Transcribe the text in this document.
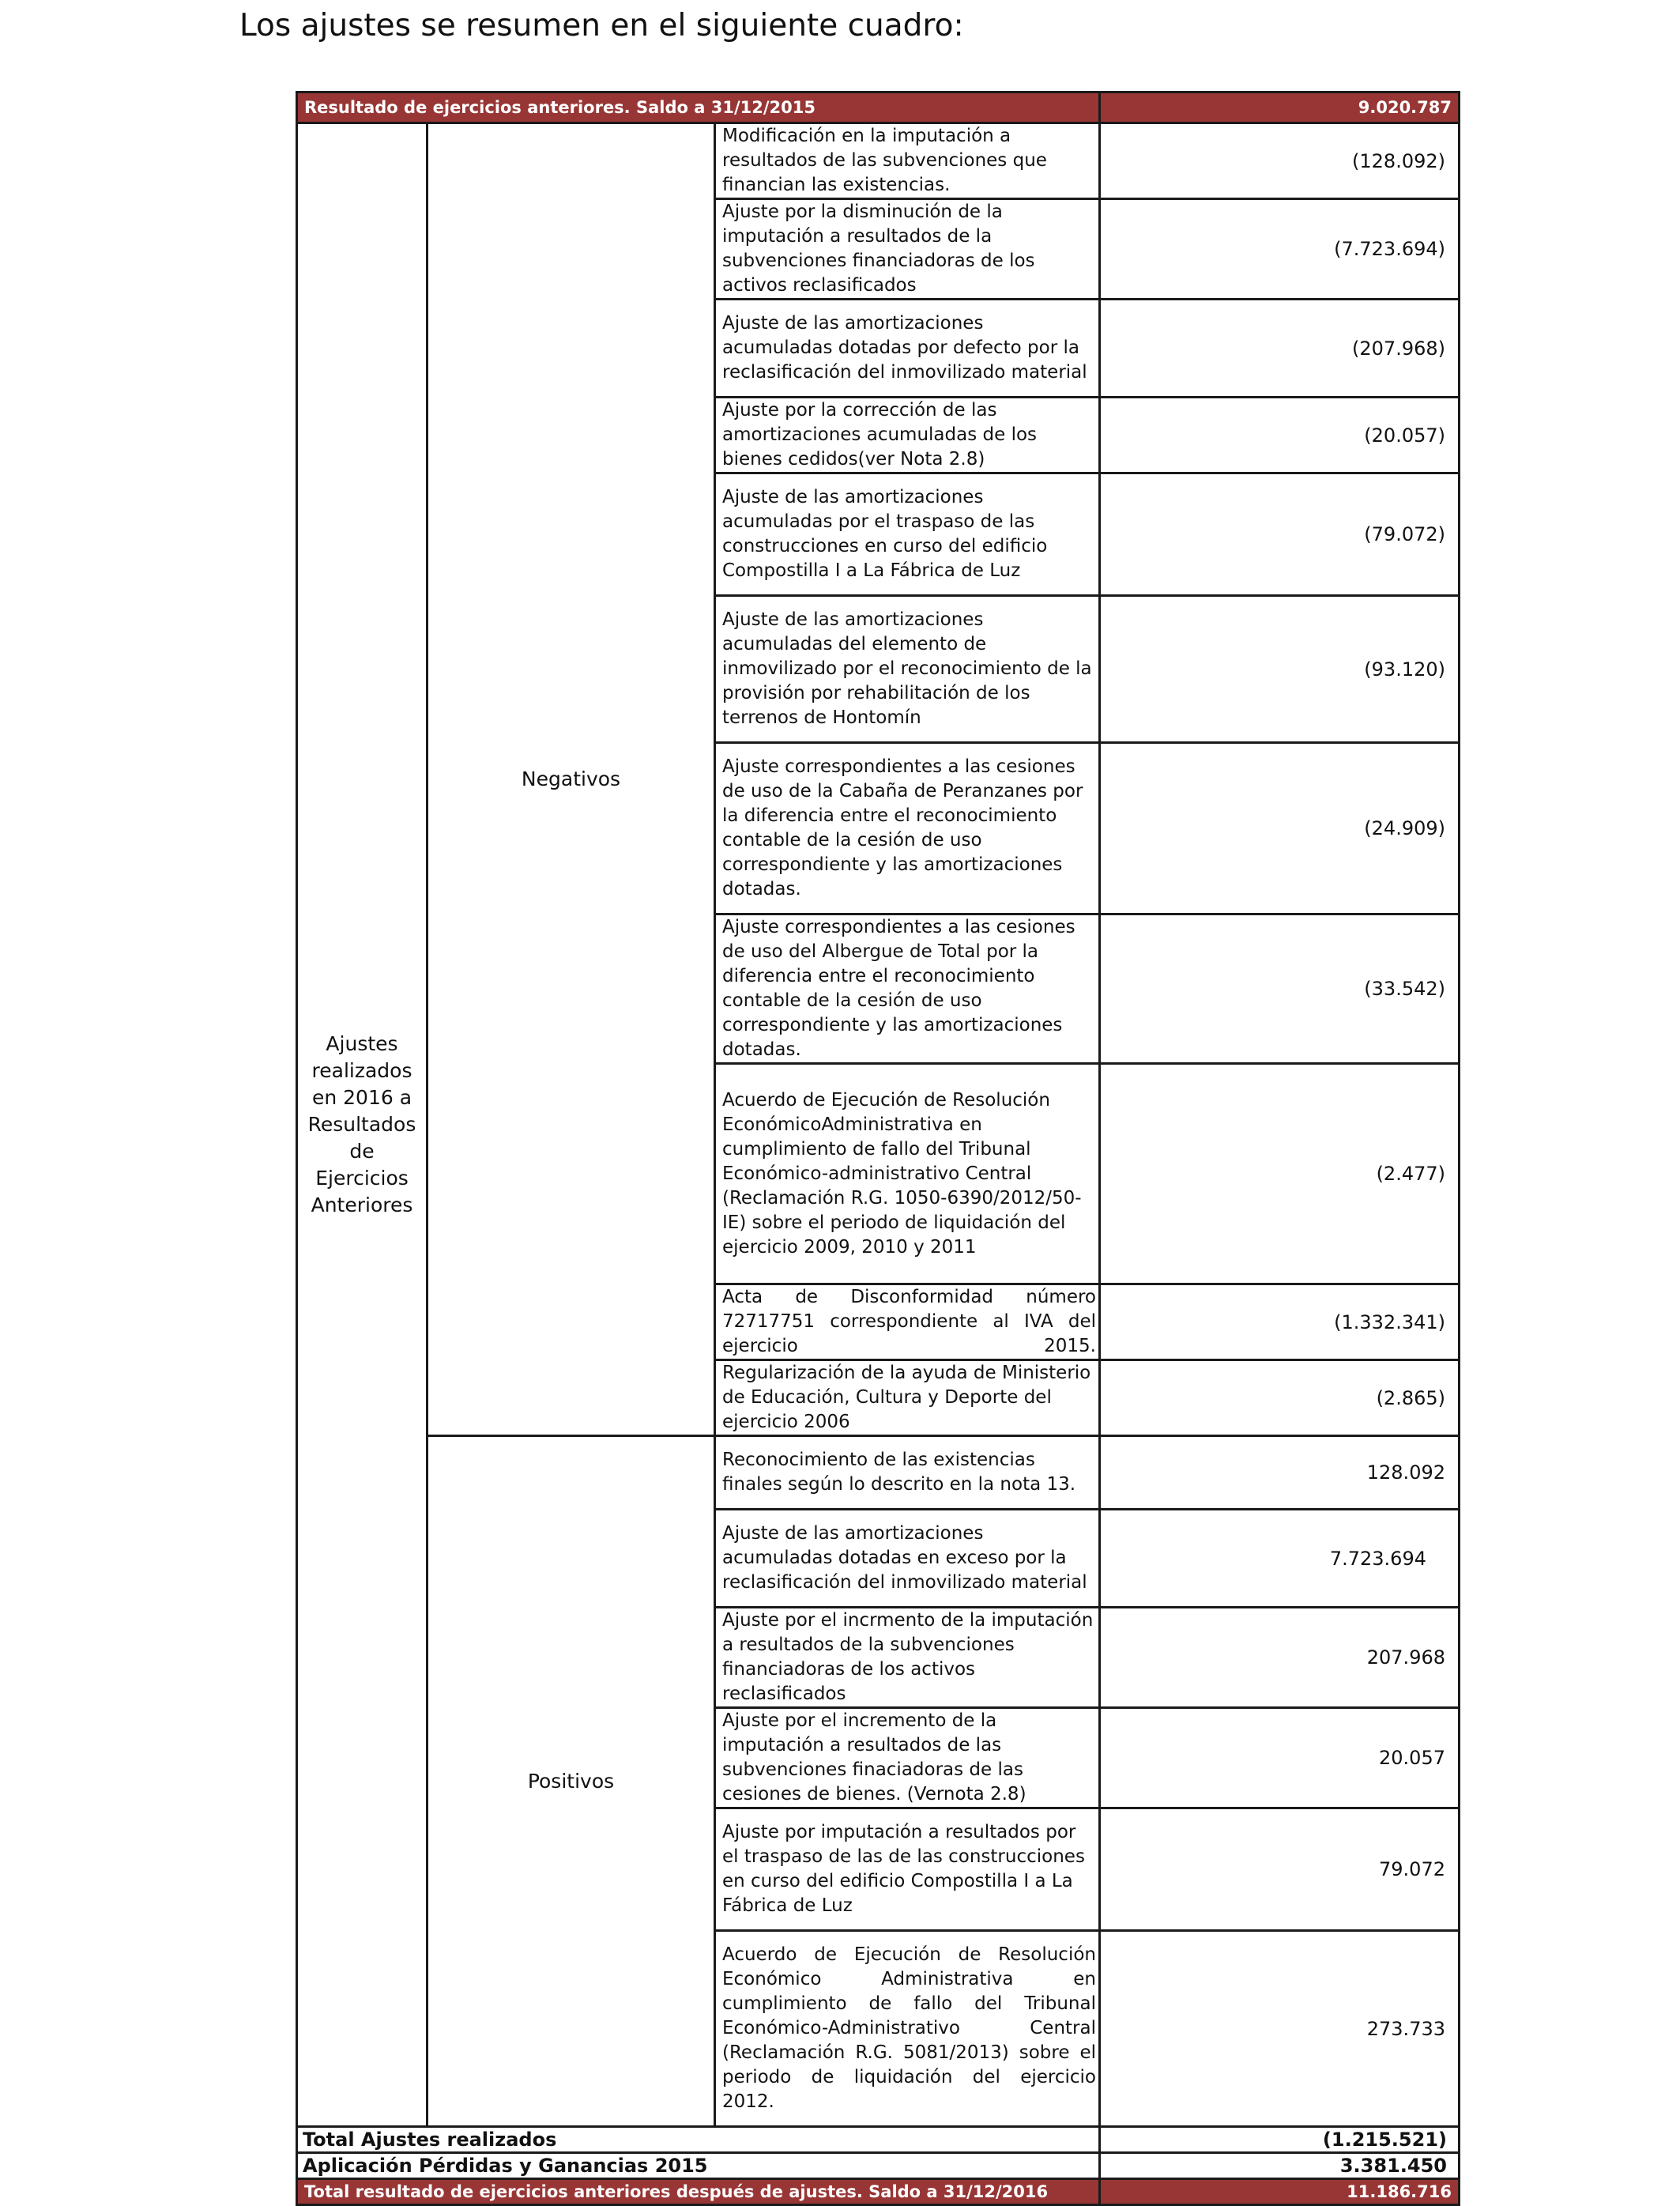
Los ajustes se resumen en el siguiente cuadro:
Resultado de ejercicios anteriores. Saldo a 31/12/2015			9.020.787
Ajustes realizados en 2016 a Resultados de Ejercicios Anteriores	Negativos	Modificación en la imputación a resultados de las subvenciones que financian las existencias.	(128.092)
		Ajuste por la disminución de la imputación a resultados de la subvenciones financiadoras de los activos reclasificados	(7.723.694)
		Ajuste de las amortizaciones acumuladas dotadas por defecto por la reclasificación del inmovilizado material	(207.968)
		Ajuste por la corrección de las amortizaciones acumuladas de los bienes cedidos(ver Nota 2.8)	(20.057)
		Ajuste de las amortizaciones acumuladas por el traspaso de las construcciones en curso del edificio Compostilla I a La Fábrica de Luz	(79.072)
		Ajuste de las amortizaciones acumuladas del elemento de inmovilizado por el reconocimiento de la provisión por rehabilitación de los terrenos de Hontomín	(93.120)
		Ajuste correspondientes a las cesiones de uso de la Cabaña de Peranzanes por la diferencia entre el reconocimiento contable de la cesión de uso correspondiente y las amortizaciones dotadas.	(24.909)
		Ajuste correspondientes a las cesiones de uso del Albergue de Total por la diferencia entre el reconocimiento contable de la cesión de uso correspondiente y las amortizaciones dotadas.	(33.542)
		Acuerdo de Ejecución de Resolución EconómicoAdministrativa en cumplimiento de fallo del Tribunal Económico-administrativo Central (Reclamación R.G. 1050-6390/2012/50-IE) sobre el periodo de liquidación del ejercicio 2009, 2010 y 2011	(2.477)
		Acta de Disconformidad número 72717751 correspondiente al IVA del ejercicio 2015.	(1.332.341)
		Regularización de la ayuda de Ministerio de Educación, Cultura y Deporte del ejercicio 2006	(2.865)
	Positivos	Reconocimiento de las existencias finales según lo descrito en la nota 13.	128.092
		Ajuste de las amortizaciones acumuladas dotadas en exceso por la reclasificación del inmovilizado material	7.723.694
		Ajuste por el incrmento de la imputación a resultados de la subvenciones financiadoras de los activos reclasificados	207.968
		Ajuste por el incremento de la imputación a resultados de las subvenciones finaciadoras de las cesiones de bienes. (Vernota 2.8)	20.057
		Ajuste por imputación a resultados por el traspaso de las de las construcciones en curso del edificio Compostilla I a La Fábrica de Luz	79.072
		Acuerdo de Ejecución de Resolución Económico Administrativa en cumplimiento de fallo del Tribunal Económico-Administrativo Central (Reclamación R.G. 5081/2013) sobre el periodo de liquidación del ejercicio 2012.	273.733
Total Ajustes realizados			(1.215.521)
Aplicación Pérdidas y Ganancias 2015			3.381.450
Total resultado de ejercicios anteriores después de ajustes. Saldo a 31/12/2016			11.186.716
